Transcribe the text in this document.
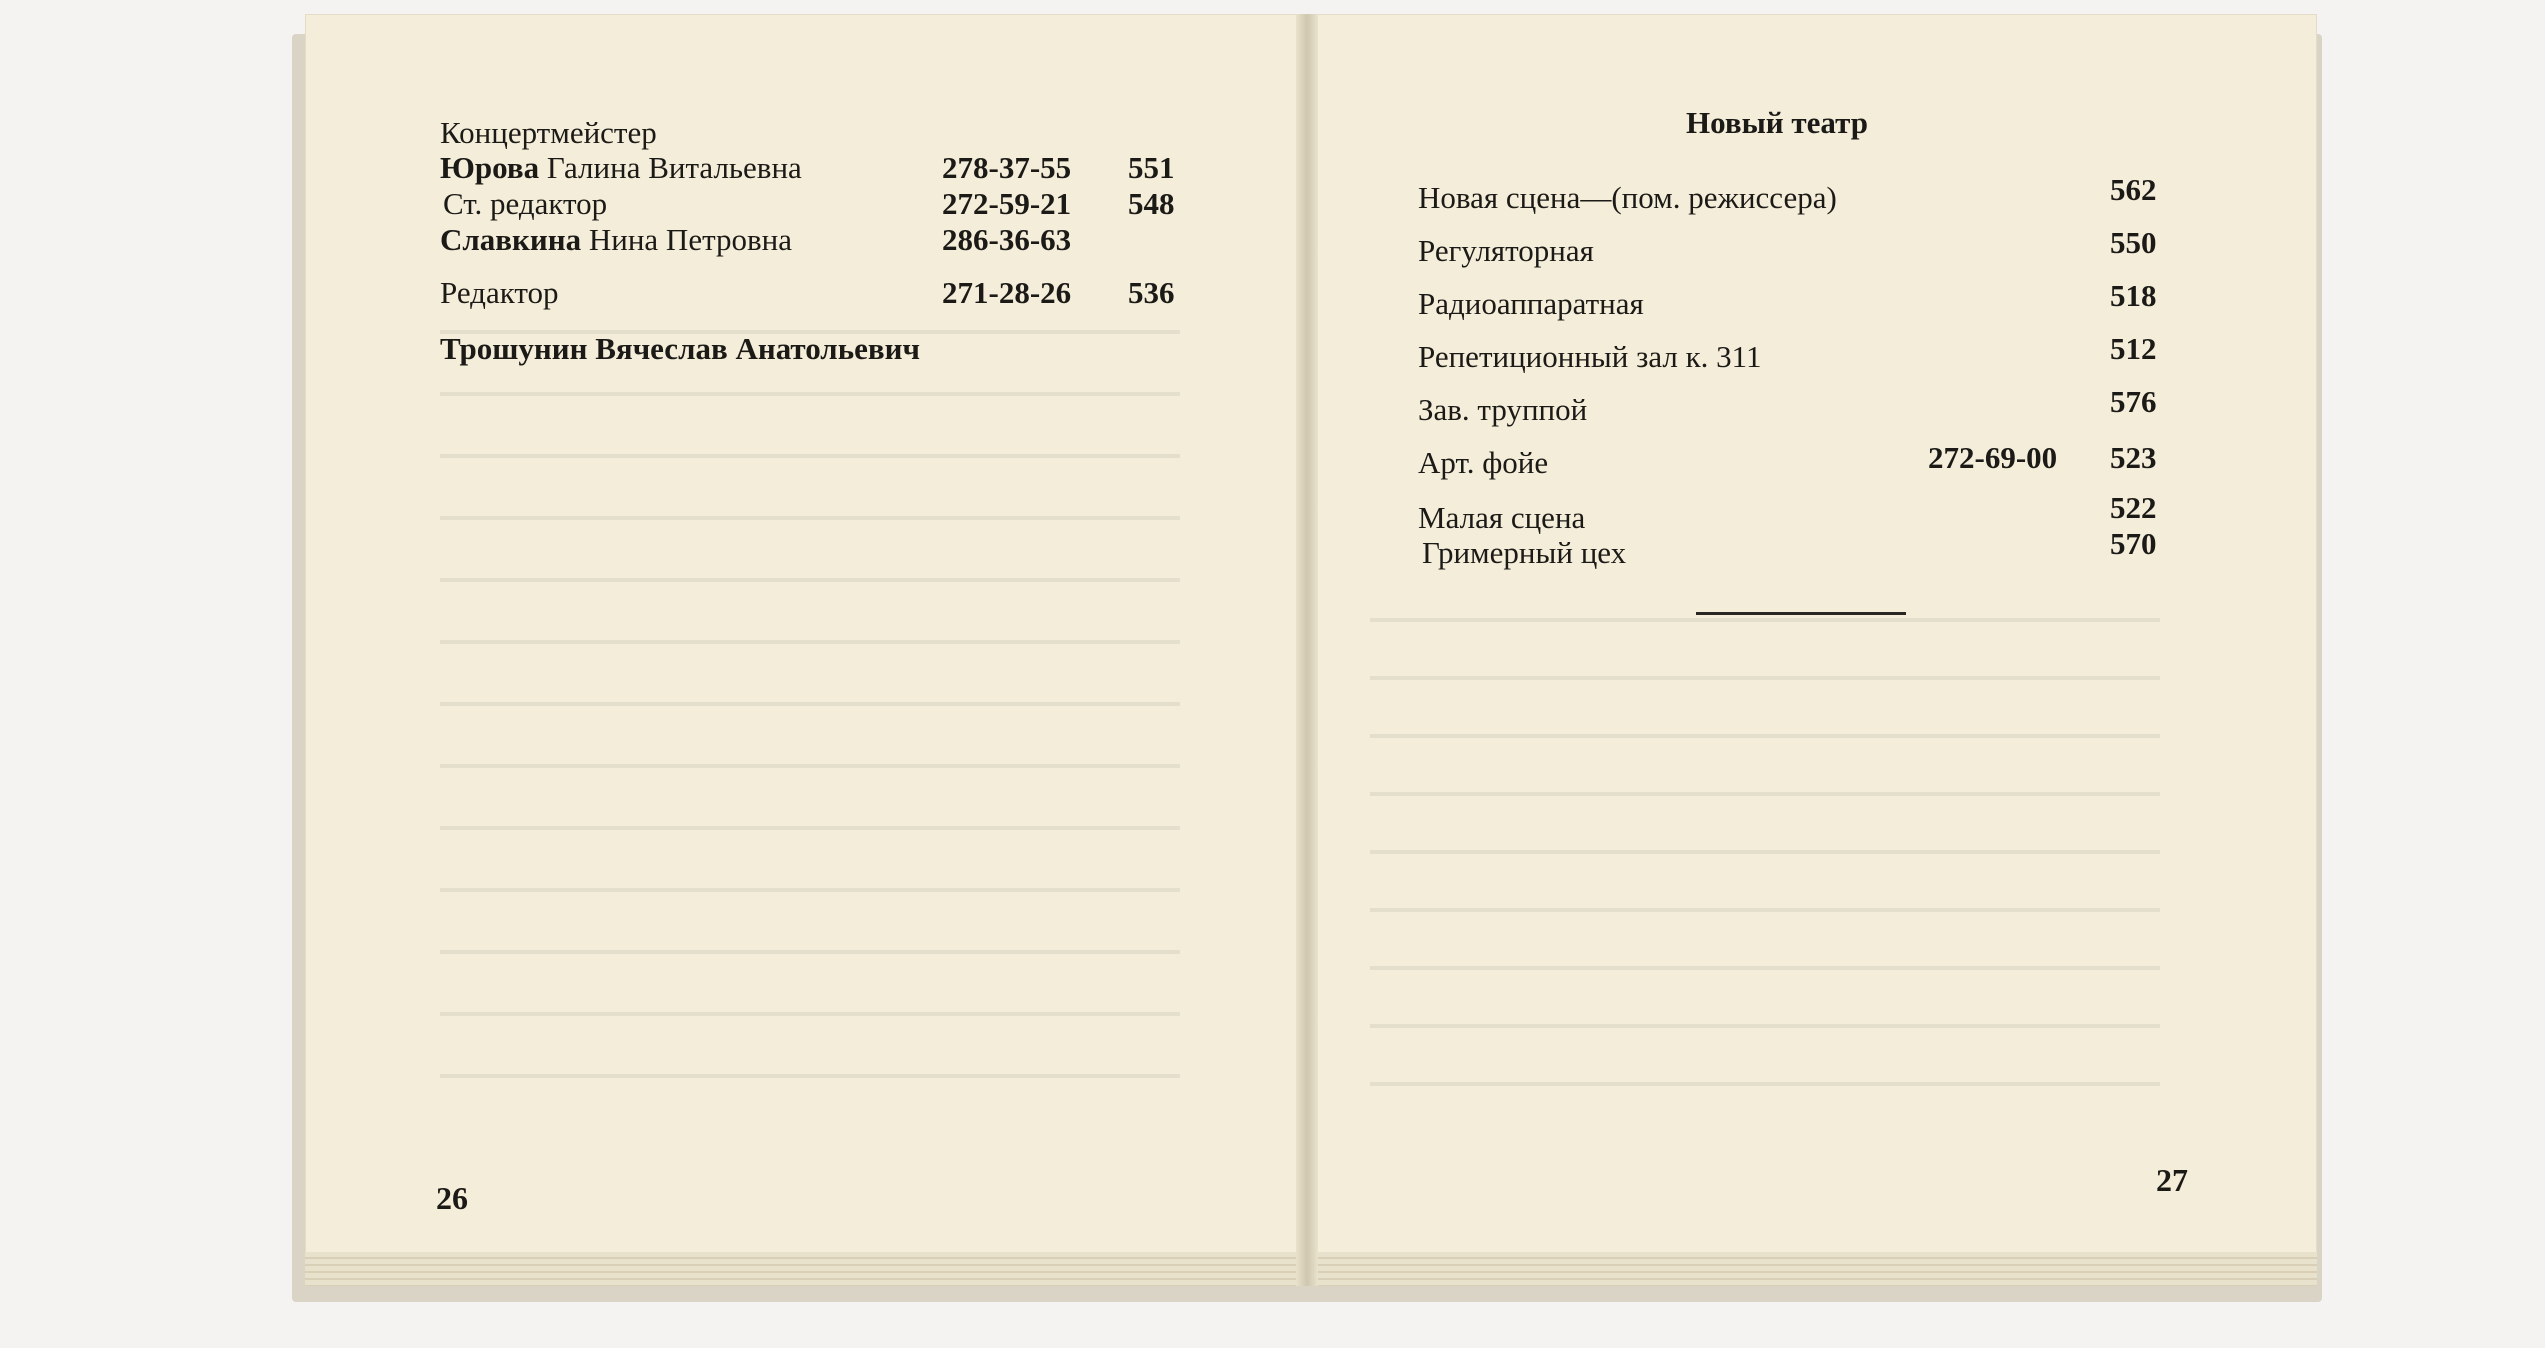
Концертмейстер
Юрова Галина Витальевна	278-37-55 551
Ст. редактор	272-59-21 548
Славкина Нина Петровна	286-36-63
Редактор	271-28-26 536
Трошунин Вячеслав Анатольевич
26
Новый театр
Новая сцена—(пом. режиссера)	562
Регуляторная	550
Радиоаппаратная	518
Репетиционный зал к. 311	512
Зав. труппой	576
Арт. фойе	272-69-00 523
Малая сцена	522
Гримерный цех	570
27
